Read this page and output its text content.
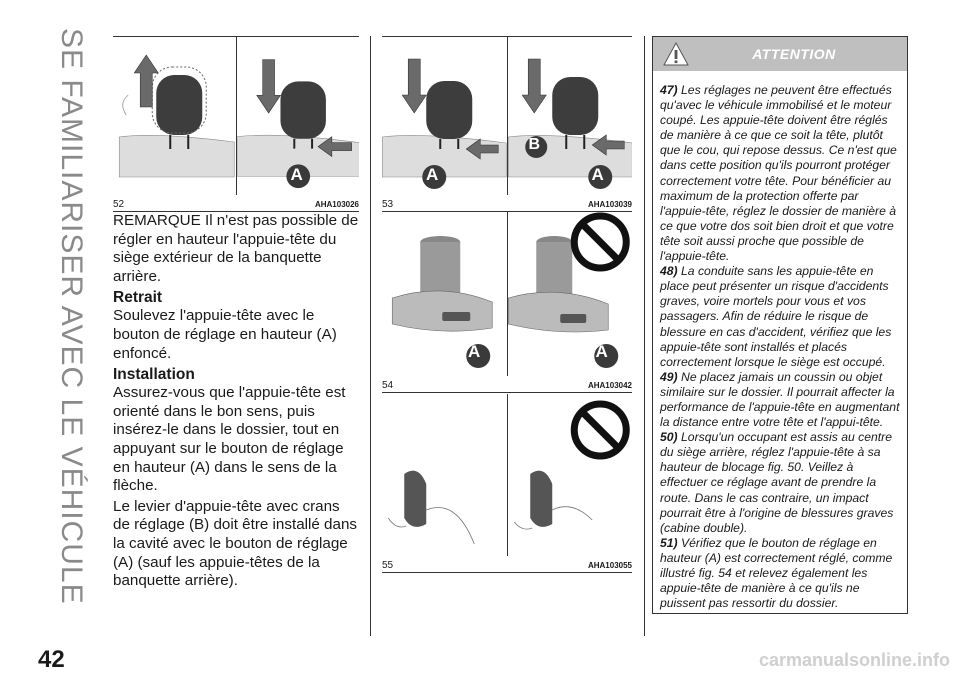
SE FAMILIARISER AVEC LE VÉHICULE
42	carmanualsonline.info
A
52	AHA103026
A
B
A
53	AHA103039
A	A
54	AHA103042
55	AHA103055

REMARQUE Il n'est pas possible de régler en hauteur l'appuie-tête du siège extérieur de la banquette arrière.

Retrait

Soulevez l'appuie-tête avec le bouton de réglage en hauteur (A) enfoncé.

Installation

Assurez-vous que l'appuie-tête est orienté dans le bon sens, puis insérez-le dans le dossier, tout en appuyant sur le bouton de réglage en hauteur (A) dans le sens de la flèche.

Le levier d'appuie-tête avec crans de réglage (B) doit être installé dans la cavité avec le bouton de réglage (A) (sauf les appuie-têtes de la banquette arrière).

ATTENTION

47) Les réglages ne peuvent être effectués qu'avec le véhicule immobilisé et le moteur coupé. Les appuie-tête doivent être réglés de manière à ce que ce soit la tête, plutôt que le cou, qui repose dessus. Ce n'est que dans cette position qu'ils pourront protéger correctement votre tête. Pour bénéficier au maximum de la protection offerte par l'appuie-tête, réglez le dossier de manière à ce que votre dos soit bien droit et que votre tête soit aussi proche que possible de l'appuie-tête.

48) La conduite sans les appuie-tête en place peut présenter un risque d'accidents graves, voire mortels pour vous et vos passagers. Afin de réduire le risque de blessure en cas d'accident, vérifiez que les appuie-tête sont installés et placés correctement lorsque le siège est occupé.

49) Ne placez jamais un coussin ou objet similaire sur le dossier. Il pourrait affecter la performance de l'appuie-tête en augmentant la distance entre votre tête et l'appui-tête.

50) Lorsqu'un occupant est assis au centre du siège arrière, réglez l'appuie-tête à sa hauteur de blocage fig. 50. Veillez à effectuer ce réglage avant de prendre la route. Dans le cas contraire, un impact pourrait être à l'origine de blessures graves (cabine double).

51) Vérifiez que le bouton de réglage en hauteur (A) est correctement réglé, comme illustré fig. 54 et relevez également les appuie-tête de manière à ce qu'ils ne puissent pas ressortir du dossier.
